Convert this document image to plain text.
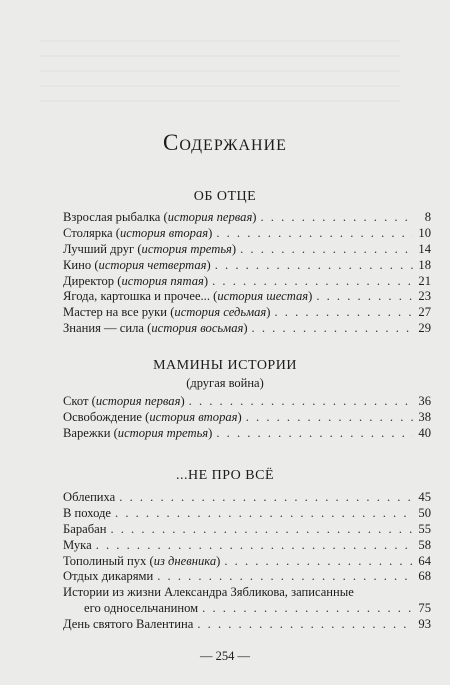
Содержание
ОБ ОТЦЕ
Взрослая рыбалка (история первая) . . .	8
Столярка (история вторая) . . .	10
Лучший друг (история третья) . . .	14
Кино (история четвертая) . . .	18
Директор (история пятая) . . .	21
Ягода, картошка и прочее... (история шестая) . . .	23
Мастер на все руки (история седьмая) . . .	27
Знания — сила (история восьмая) . . .	29
МАМИНЫ ИСТОРИИ
(другая война)
Скот (история первая) . . .	36
Освобождение (история вторая) . . .	38
Варежки (история третья) . . .	40
...НЕ ПРО ВСЁ
Облепиха . . .	45
В походе . . .	50
Барабан . . .	55
Мука . . .	58
Тополиный пух (из дневника) . . .	64
Отдых дикарями . . .	68
Истории из жизни Александра Зябликова, записанные
его односельчанином . . .	75
День святого Валентина . . .	93
— 254 —
